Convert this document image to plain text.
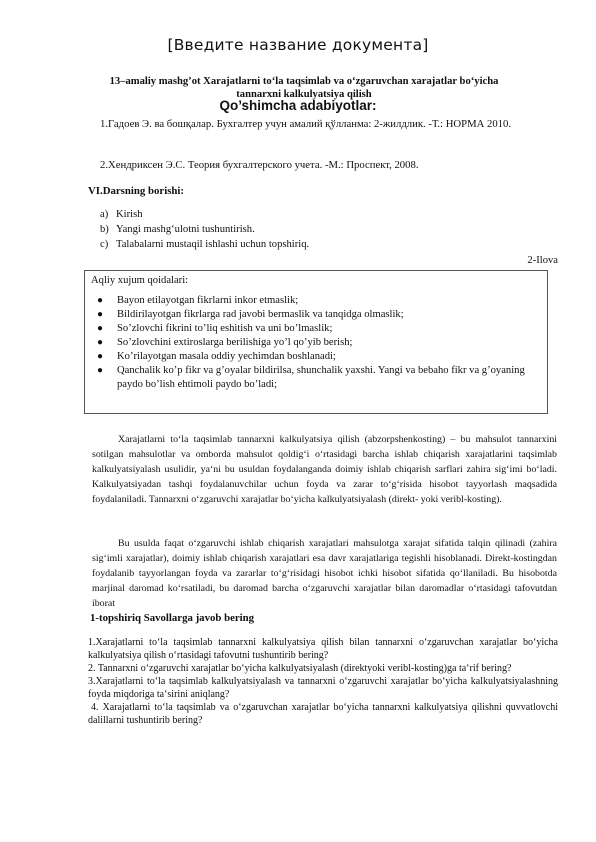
[Введите название документа]
13–amaliy mashg’ot Xarajatlarni to‘la taqsimlab va o‘zgaruvchan xarajatlar bo‘yicha tannarxni kalkulyatsiya qilish
Qo’shimcha adabiyotlar:
1.Гадоев Э. ва бошқалар. Бухгалтер учун амалий қўлланма: 2-жилдлик. -Т.: НОРМА 2010.
2.Хендриксен Э.С. Теория бухгалтерского учета. -М.: Проспект, 2008.
VI.Darsning borishi:
a) Kirish
b) Yangi mashg‘ulotni tushuntirish.
c) Talabalarni mustaqil ishlashi uchun topshiriq.
2-Ilova
Aqliy xujum qoidalari:
● Bayon etilayotgan fikrlarni inkor etmaslik;
● Bildirilayotgan fikrlarga rad javobi bermaslik va tanqidga olmaslik;
● So’zlovchi fikrini to’liq eshitish va uni bo’lmaslik;
● So’zlovchini extiroslarga berilishiga yo’l qo’yib berish;
● Ko’rilayotgan masala oddiy yechimdan boshlanadi;
● Qanchalik ko’p fikr va g’oyalar bildirilsa, shunchalik yaxshi. Yangi va bebaho fikr va g’oyaning paydo bo’lish ehtimoli paydo bo’ladi;
Xarajatlarni to‘la taqsimlab tannarxni kalkulyatsiya qilish (abzorpshenkosting) – bu mahsulot tannarxini sotilgan mahsulotlar va omborda mahsulot qoldig‘i o‘rtasidagi barcha ishlab chiqarish xarajatlarini taqsimlab kalkulyatsiyalash usulidir, ya‘ni bu usuldan foydalanganda doimiy ishlab chiqarish sarflari zahira sig‘imi bo‘ladi. Kalkulyatsiyadan tashqi foydalanuvchilar uchun foyda va zarar to‘g‘risida hisobot tayyorlash maqsadida foydalaniladi. Tannarxni o‘zgaruvchi xarajatlar bo‘yicha kalkulyatsiyalash (direkt- yoki veribl-kosting).
Bu usulda faqat o‘zgaruvchi ishlab chiqarish xarajatlari mahsulotga xarajat sifatida talqin qilinadi (zahira sig‘imli xarajatlar), doimiy ishlab chiqarish xarajatlari esa davr xarajatlariga tegishli hisoblanadi. Direkt-kostingdan foydalanib tayyorlangan foyda va zararlar to‘g‘risidagi hisobot ichki hisobot sifatida qo‘llaniladi. Bu hisobotda marjinal daromad ko‘rsatiladi, bu daromad barcha o‘zgaruvchi xarajatlar bilan daromadlar o‘rtasidagi tafovutdan iborat
1-topshiriq Savollarga javob bering

1.Xarajatlarni to‘la taqsimlab tannarxni kalkulyatsiya qilish bilan tannarxni o‘zgaruvchan xarajatlar bo‘yicha kalkulyatsiya qilish o‘rtasidagi tafovutni tushuntirib bering?

2. Tannarxni o‘zgaruvchi xarajatlar bo‘yicha kalkulyatsiyalash (direktyoki veribl-kosting)ga ta‘rif bering?

3.Xarajatlarni to‘la taqsimlab kalkulyatsiyalash va tannarxni o‘zgaruvchi xarajatlar bo‘yicha kalkulyatsiyalashning foyda miqdoriga ta‘sirini aniqlang?

4. Xarajatlarni to‘la taqsimlab va o‘zgaruvchan xarajatlar bo‘yicha tannarxni kalkulyatsiya qilishni quvvatlovchi dalillarni tushuntirib bering?
